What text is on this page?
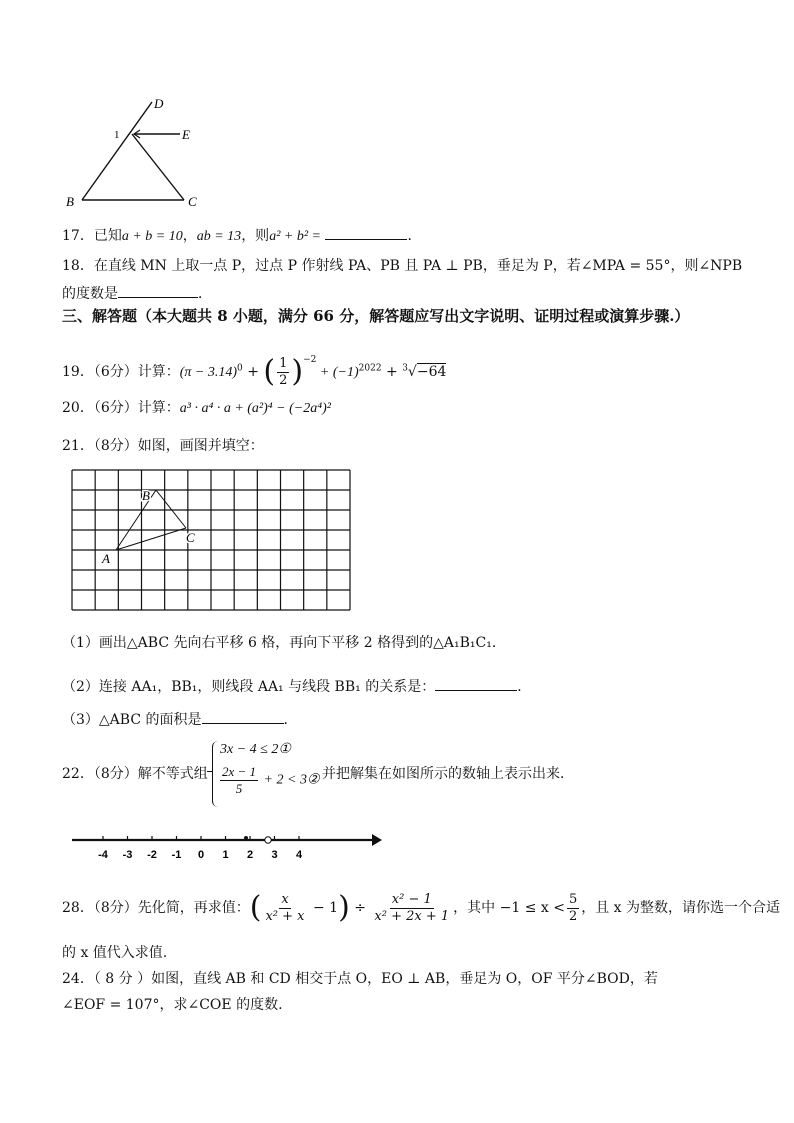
D
1	E
B	C
17．已知a + b = 10，ab = 13，则a² + b² =	．
18．在直线 MN 上取一点 P，过点 P 作射线 PA、PB 且 PA ⊥ PB，垂足为 P，若∠MPA = 55°，则∠NPB
的度数是	．
三、解答题（本大题共 8 小题，满分 66 分，解答题应写出文字说明、证明过程或演算步骤.）
19．（6分）计算：$(\pi - 3.14)^0$ + ( $\frac{1}{2} )^{-2} + (-1)^{2022} + ^3√-64$
20．（6分）计算：a³ · a⁴ · a + (a²)⁴ − (−2a⁴)²
21．（8分）如图，画图并填空：
B
C
A
（1）画出△ABC 先向右平移 6 格，再向下平移 2 格得到的△A₁B₁C₁．
（2）连接 AA₁，BB₁，则线段 AA₁ 与线段 BB₁ 的关系是：	．
（3）△ABC 的面积是	．
22．（8分）解不等式组
3x − 4 ≤ 2①
$\frac{2x - 1}{5} + 2$ < 3② 并把解集在如图所示的数轴上表示出来．
-4 -3 -2 -1 0 1 2 3 4
28．（8分）先化简，再求值：( $\frac{x}{\text{x² + x}} - 1) \div \frac{\text{x² − 1}}{\text{x² + 2x + 1}}$ ，其中 $-1 \le x < \frac{5}{2}$ ，且 x 为整数，请你选一个合适
的 x 值代入求值.
24．（ 8 分 ）如图，直线 AB 和 CD 相交于点 O，EO ⊥ AB，垂足为 O，OF 平分∠BOD，若
∠EOF = 107°，求∠COE 的度数.
